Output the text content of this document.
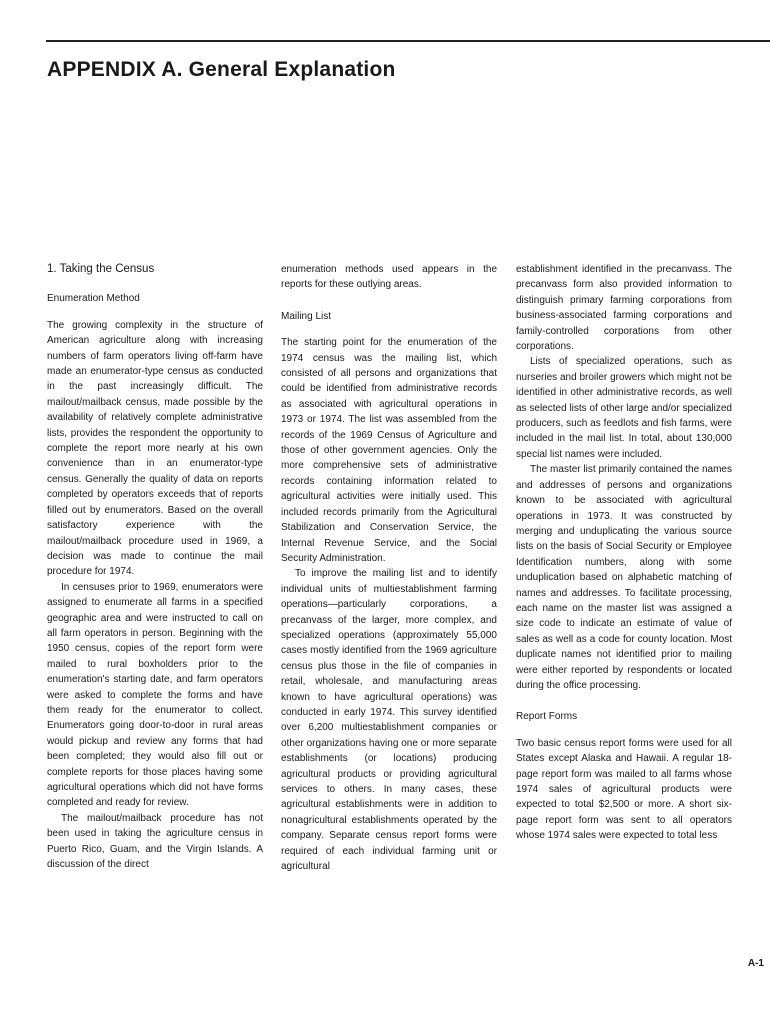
APPENDIX A. General Explanation
1. Taking the Census
Enumeration Method

The growing complexity in the structure of American agriculture along with increasing numbers of farm operators living off-farm have made an enumerator-type census as conducted in the past increasingly difficult. The mailout/mailback census, made possible by the availability of relatively complete administrative lists, provides the respondent the opportunity to complete the report more nearly at his own convenience than in an enumerator-type census. Generally the quality of data on reports completed by operators exceeds that of reports filled out by enumerators. Based on the overall satisfactory experience with the mailout/mailback procedure used in 1969, a decision was made to continue the mail procedure for 1974.

In censuses prior to 1969, enumerators were assigned to enumerate all farms in a specified geographic area and were instructed to call on all farm operators in person. Beginning with the 1950 census, copies of the report form were mailed to rural boxholders prior to the enumeration's starting date, and farm operators were asked to complete the forms and have them ready for the enumerator to collect. Enumerators going door-to-door in rural areas would pickup and review any forms that had been completed; they would also fill out or complete reports for those places having some agricultural operations which did not have forms completed and ready for review.

The mailout/mailback procedure has not been used in taking the agriculture census in Puerto Rico, Guam, and the Virgin Islands. A discussion of the direct

enumeration methods used appears in the reports for these outlying areas.

Mailing List

The starting point for the enumeration of the 1974 census was the mailing list, which consisted of all persons and organizations that could be identified from administrative records as associated with agricultural operations in 1973 or 1974. The list was assembled from the records of the 1969 Census of Agriculture and those of other government agencies. Only the more comprehensive sets of administrative records containing information related to agricultural activities were initially used. This included records primarily from the Agricultural Stabilization and Conservation Service, the Internal Revenue Service, and the Social Security Administration.

To improve the mailing list and to identify individual units of multiestablishment farming operations—particularly corporations, a precanvass of the larger, more complex, and specialized operations (approximately 55,000 cases mostly identified from the 1969 agriculture census plus those in the file of companies in retail, wholesale, and manufacturing areas known to have agricultural operations) was conducted in early 1974. This survey identified over 6,200 multiestablishment companies or other organizations having one or more separate establishments (or locations) producing agricultural products or providing agricultural services to others. In many cases, these agricultural establishments were in addition to nonagricultural establishments operated by the company. Separate census report forms were required of each individual farming unit or agricultural

establishment identified in the precanvass. The precanvass form also provided information to distinguish primary farming corporations from business-associated farming corporations and family-controlled corporations from other corporations.

Lists of specialized operations, such as nurseries and broiler growers which might not be identified in other administrative records, as well as selected lists of other large and/or specialized producers, such as feedlots and fish farms, were included in the mail list. In total, about 130,000 special list names were included.

The master list primarily contained the names and addresses of persons and organizations known to be associated with agricultural operations in 1973. It was constructed by merging and unduplicating the various source lists on the basis of Social Security or Employee Identification numbers, along with some unduplication based on alphabetic matching of names and addresses. To facilitate processing, each name on the master list was assigned a size code to indicate an estimate of value of sales as well as a code for county location. Most duplicate names not identified prior to mailing were either reported by respondents or located during the office processing.

Report Forms

Two basic census report forms were used for all States except Alaska and Hawaii. A regular 18-page report form was mailed to all farms whose 1974 sales of agricultural products were expected to total $2,500 or more. A short six-page report form was sent to all operators whose 1974 sales were expected to total less

A-1
